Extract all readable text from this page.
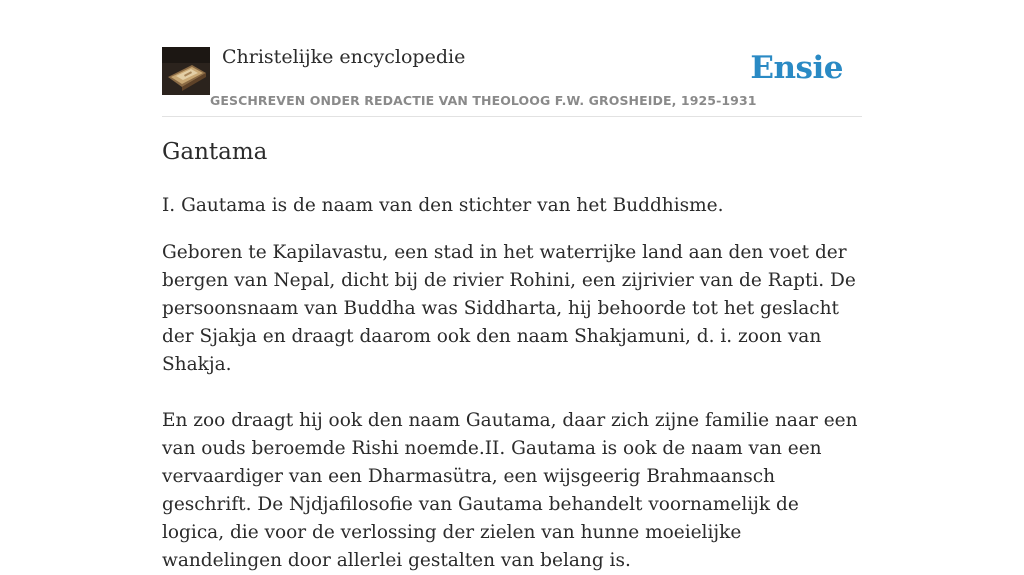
Christelijke encyclopedie
GESCHREVEN ONDER REDACTIE VAN THEOLOOG F.W. GROSHEIDE, 1925-1931
Ensie
Gantama

I. Gautama is de naam van den stichter van het Buddhisme.

Geboren te Kapilavastu, een stad in het waterrijke land aan den voet der bergen van Nepal, dicht bij de rivier Rohini, een zijrivier van de Rapti. De persoonsnaam van Buddha was Siddharta, hij behoorde tot het geslacht der Sjakja en draagt daarom ook den naam Shakjamuni, d. i. zoon van Shakja.

En zoo draagt hij ook den naam Gautama, daar zich zijne familie naar een van ouds beroemde Rishi noemde.II. Gautama is ook de naam van een vervaardiger van een Dharmasütra, een wijsgeerig Brahmaansch geschrift. De Njdjafilosofie van Gautama behandelt voornamelijk de logica, die voor de verlossing der zielen van hunne moeielijke wandelingen door allerlei gestalten van belang is.
